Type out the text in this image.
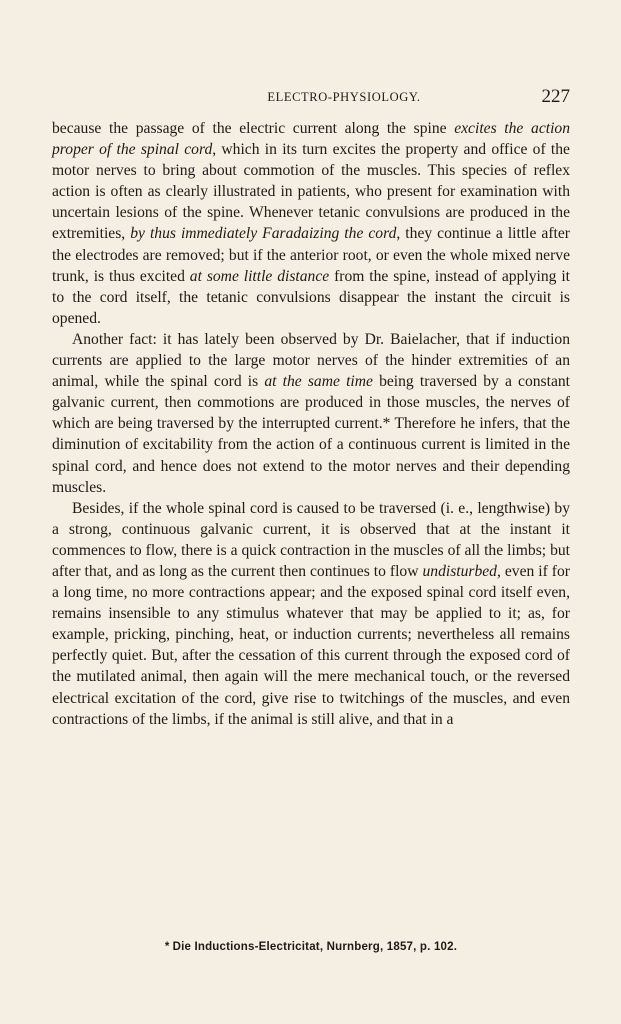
ELECTRO-PHYSIOLOGY.	227

because the passage of the electric current along the spine excites the action proper of the spinal cord, which in its turn excites the property and office of the motor nerves to bring about commotion of the muscles. This species of reflex action is often as clearly illustrated in patients, who present for examination with uncertain lesions of the spine. Whenever tetanic convulsions are produced in the extremities, by thus immediately Faradaizing the cord, they continue a little after the electrodes are removed; but if the anterior root, or even the whole mixed nerve trunk, is thus excited at some little distance from the spine, instead of applying it to the cord itself, the tetanic convulsions disappear the instant the circuit is opened.

Another fact: it has lately been observed by Dr. Baielacher, that if induction currents are applied to the large motor nerves of the hinder extremities of an animal, while the spinal cord is at the same time being traversed by a constant galvanic current, then commotions are produced in those muscles, the nerves of which are being traversed by the interrupted current.* Therefore he infers, that the diminution of excitability from the action of a continuous current is limited in the spinal cord, and hence does not extend to the motor nerves and their depending muscles.

Besides, if the whole spinal cord is caused to be traversed (i. e., lengthwise) by a strong, continuous galvanic current, it is observed that at the instant it commences to flow, there is a quick contraction in the muscles of all the limbs; but after that, and as long as the current then continues to flow undisturbed, even if for a long time, no more contractions appear; and the exposed spinal cord itself even, remains insensible to any stimulus whatever that may be applied to it; as, for example, pricking, pinching, heat, or induction currents; nevertheless all remains perfectly quiet. But, after the cessation of this current through the exposed cord of the mutilated animal, then again will the mere mechanical touch, or the reversed electrical excitation of the cord, give rise to twitchings of the muscles, and even contractions of the limbs, if the animal is still alive, and that in a

* Die Inductions-Electricitat, Nurnberg, 1857, p. 102.
